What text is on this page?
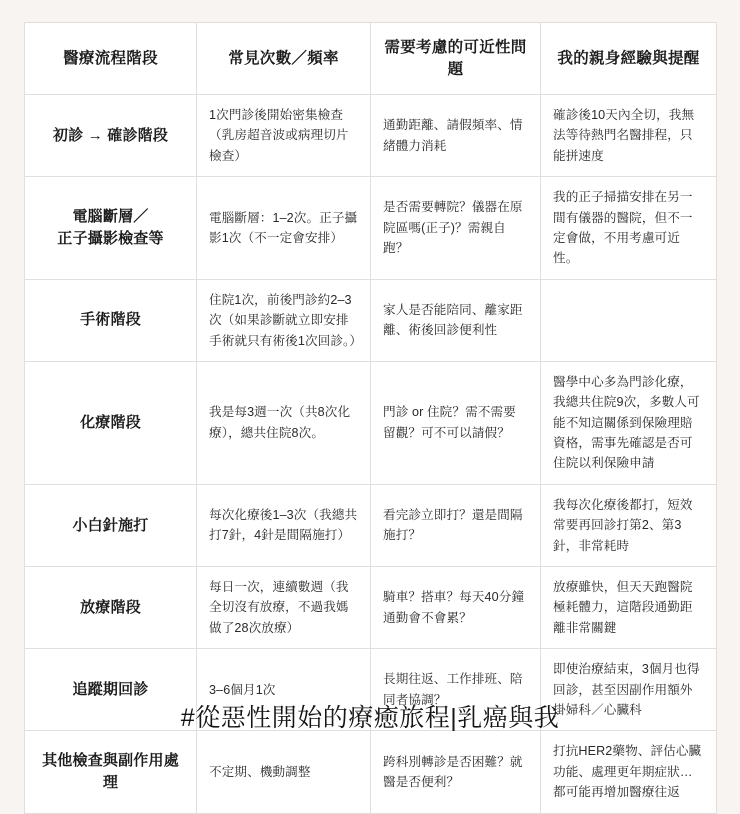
醫療流程階段	常見次數／頻率	需要考慮的可近性問題	我的親身經驗與提醒
初診 → 確診階段	1次門診後開始密集檢查（乳房超音波或病理切片檢查）	通勤距離、請假頻率、情緒體力消耗	確診後10天內全切，我無法等待熱門名醫排程，只能拼速度
電腦斷層／
正子攝影檢查等	電腦斷層：1–2次。正子攝影1次（不一定會安排）	是否需要轉院？儀器在原院區嗎(正子)？需親自跑？	我的正子掃描安排在另一間有儀器的醫院，但不一定會做，不用考慮可近性。
手術階段	住院1次，前後門診約2–3次（如果診斷就立即安排手術就只有術後1次回診。）	家人是否能陪同、離家距離、術後回診便利性	
化療階段	我是每3週一次（共8次化療），總共住院8次。	門診 or 住院？需不需要留觀？可不可以請假？	醫學中心多為門診化療，我總共住院9次，多數人可能不知這關係到保險理賠資格，需事先確認是否可住院以利保險申請
小白針施打	每次化療後1–3次（我總共打7針，4針是間隔施打）	看完診立即打？還是間隔施打？	我每次化療後都打，短效常要再回診打第2、第3針，非常耗時
放療階段	每日一次，連續數週（我全切沒有放療，不過我媽做了28次放療）	騎車？搭車？每天40分鐘通勤會不會累？	放療雖快，但天天跑醫院極耗體力，這階段通勤距離非常關鍵
追蹤期回診	3–6個月1次	長期往返、工作排班、陪同者協調？	即使治療結束，3個月也得回診，甚至因副作用額外掛婦科／心臟科
其他檢查與副作用處理	不定期、機動調整	跨科別轉診是否困難？就醫是否便利？	打抗HER2藥物、評估心臟功能、處理更年期症狀…都可能再增加醫療往返
#從惡性開始的療癒旅程|乳癌與我
